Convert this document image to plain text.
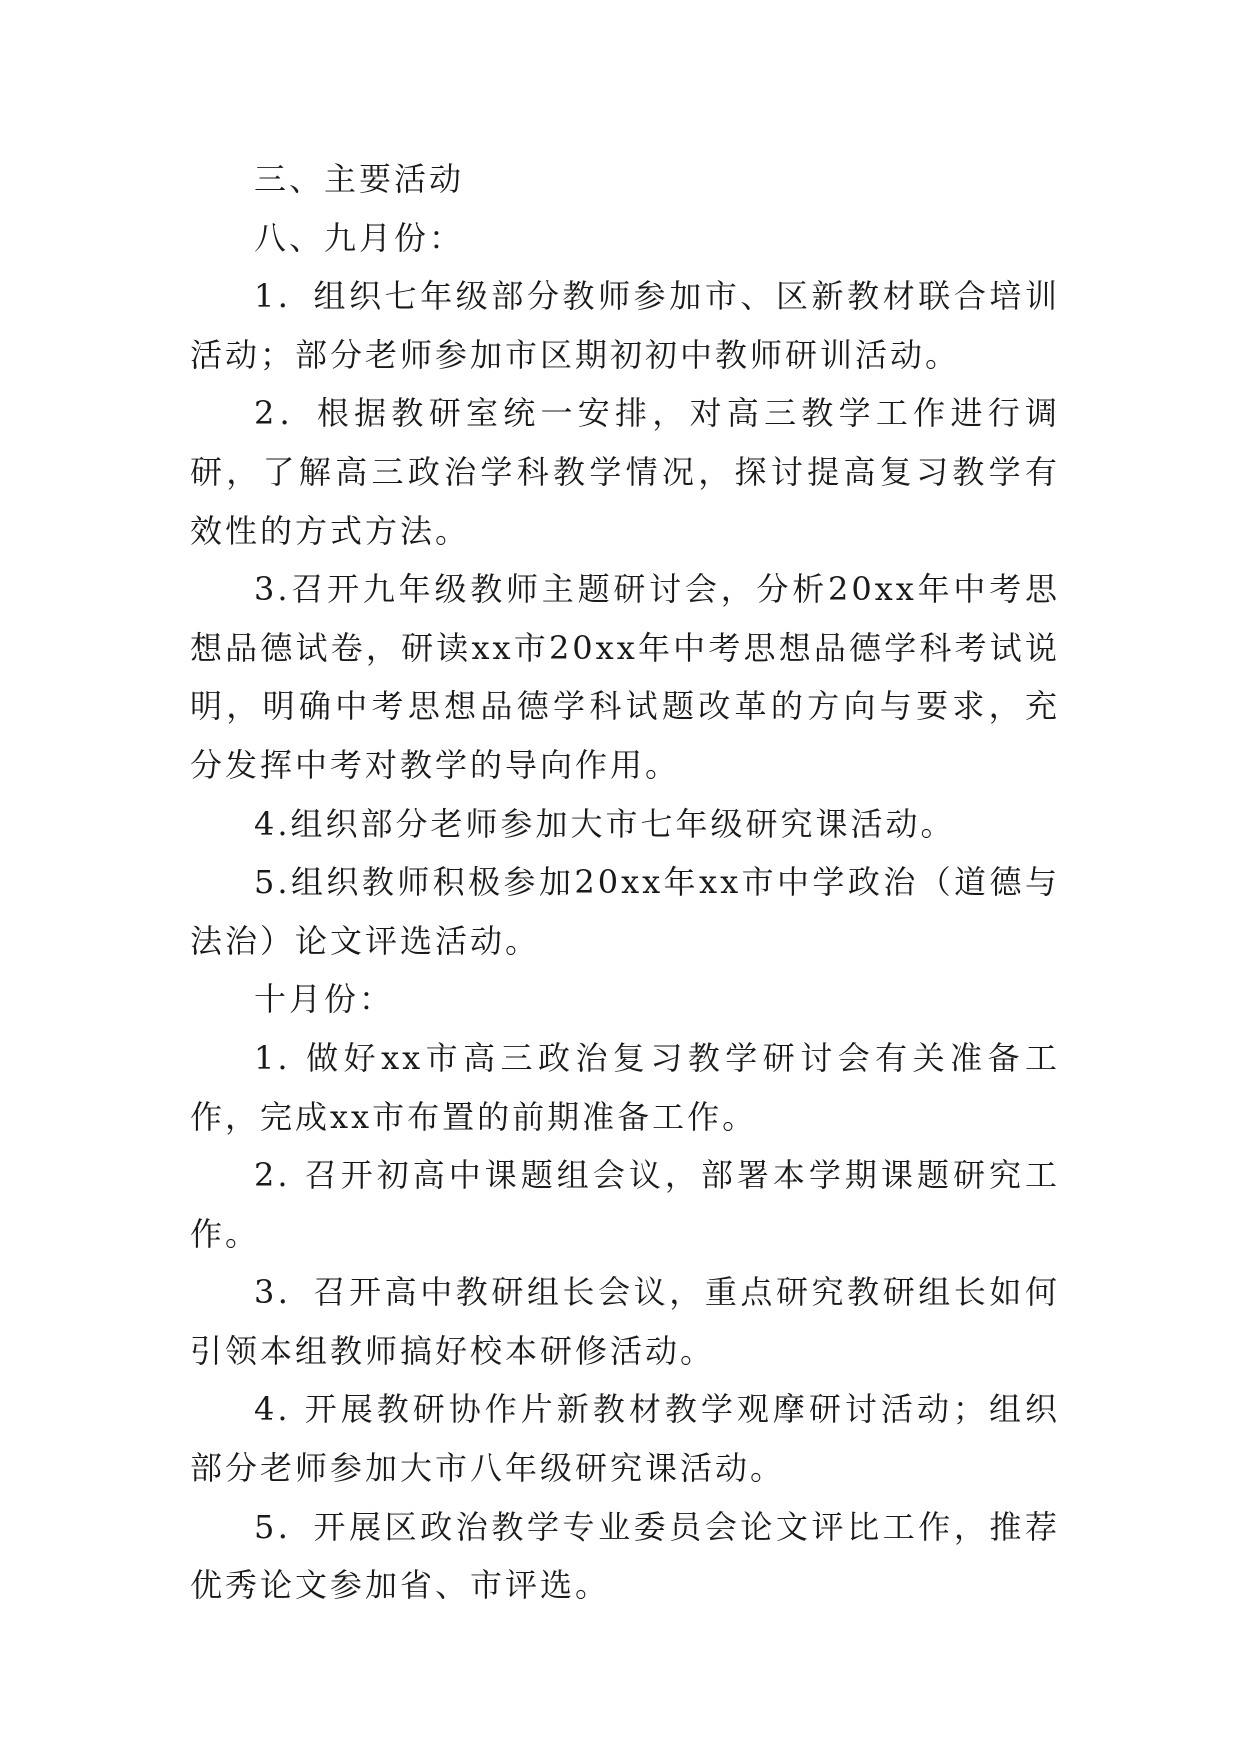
三、主要活动

八、九月份：

1．组织七年级部分教师参加市、区新教材联合培训活动；部分老师参加市区期初初中教师研训活动。

2．根据教研室统一安排，对高三教学工作进行调研，了解高三政治学科教学情况，探讨提高复习教学有效性的方式方法。

3.召开九年级教师主题研讨会，分析20xx年中考思想品德试卷，研读xx市20xx年中考思想品德学科考试说明，明确中考思想品德学科试题改革的方向与要求，充分发挥中考对教学的导向作用。

4.组织部分老师参加大市七年级研究课活动。

5.组织教师积极参加20xx年xx市中学政治（道德与法治）论文评选活动。

十月份：

1. 做好xx市高三政治复习教学研讨会有关准备工作，完成xx市布置的前期准备工作。

2. 召开初高中课题组会议，部署本学期课题研究工作。

3．召开高中教研组长会议，重点研究教研组长如何引领本组教师搞好校本研修活动。

4. 开展教研协作片新教材教学观摩研讨活动；组织部分老师参加大市八年级研究课活动。

5．开展区政治教学专业委员会论文评比工作，推荐优秀论文参加省、市评选。
